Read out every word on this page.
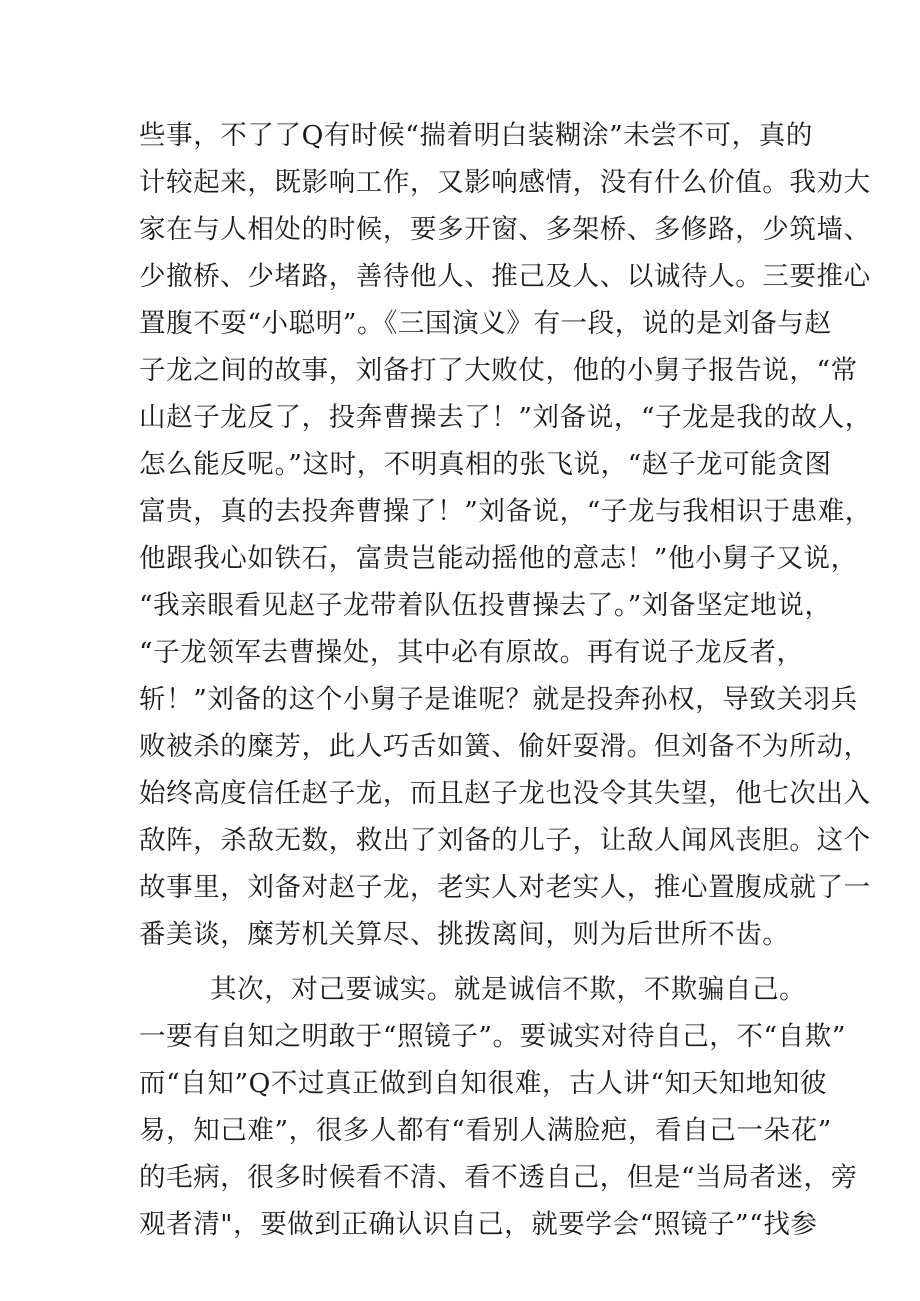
些事，不了了Q有时候“揣着明白装糊涂”未尝不可，真的
计较起来，既影响工作，又影响感情，没有什么价值。我劝大
家在与人相处的时候，要多开窗、多架桥、多修路，少筑墙、
少撤桥、少堵路，善待他人、推己及人、以诚待人。三要推心
置腹不耍“小聪明”。《三国演义》有一段，说的是刘备与赵
子龙之间的故事，刘备打了大败仗，他的小舅子报告说，“常
山赵子龙反了，投奔曹操去了！”刘备说，“子龙是我的故人，
怎么能反呢。”这时，不明真相的张飞说，“赵子龙可能贪图
富贵，真的去投奔曹操了！”刘备说，“子龙与我相识于患难，
他跟我心如铁石，富贵岂能动摇他的意志！”他小舅子又说，
“我亲眼看见赵子龙带着队伍投曹操去了。”刘备坚定地说，
“子龙领军去曹操处，其中必有原故。再有说子龙反者，
斩！”刘备的这个小舅子是谁呢？就是投奔孙权，导致关羽兵
败被杀的糜芳，此人巧舌如簧、偷奸耍滑。但刘备不为所动，
始终高度信任赵子龙，而且赵子龙也没令其失望，他七次出入
敌阵，杀敌无数，救出了刘备的儿子，让敌人闻风丧胆。这个
故事里，刘备对赵子龙，老实人对老实人，推心置腹成就了一
番美谈，糜芳机关算尽、挑拨离间，则为后世所不齿。
其次，对己要诚实。就是诚信不欺，不欺骗自己。
一要有自知之明敢于“照镜子”。要诚实对待自己，不“自欺”
而“自知”Q不过真正做到自知很难，古人讲“知天知地知彼
易，知己难”，很多人都有“看别人满脸疤，看自己一朵花”
的毛病，很多时候看不清、看不透自己，但是“当局者迷，旁
观者清"，要做到正确认识自己，就要学会“照镜子”“找参
